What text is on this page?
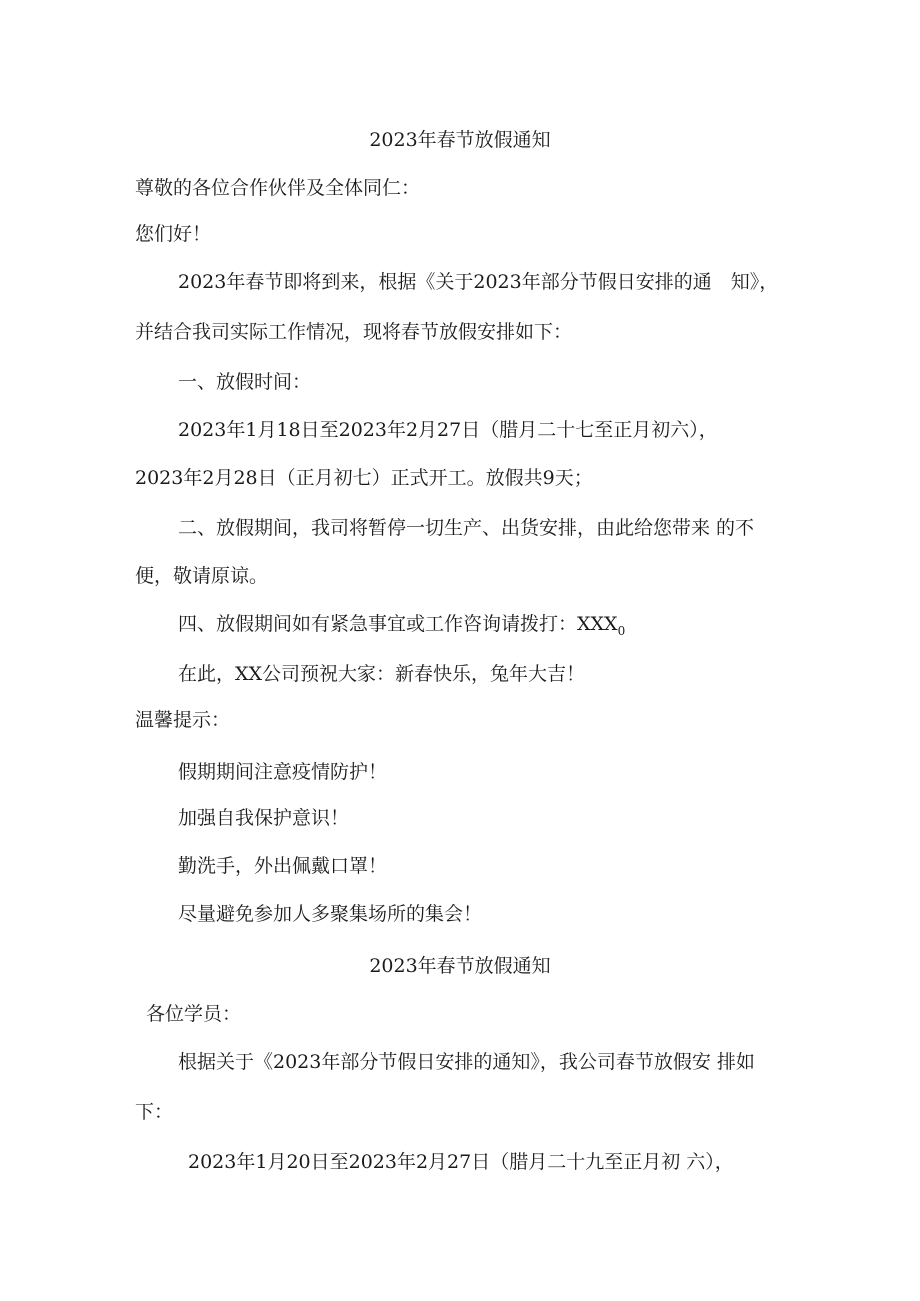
2023年春节放假通知
尊敬的各位合作伙伴及全体同仁：
您们好！
2023年春节即将到来，根据《关于2023年部分节假日安排的通　知》，
并结合我司实际工作情况，现将春节放假安排如下：
一、放假时间：
2023年1月18日至2023年2月27日（腊月二十七至正月初六），
2023年2月28日（正月初七）正式开工。放假共9天；
二、放假期间，我司将暂停一切生产、出货安排，由此给您带来 的不
便，敬请原谅。
四、放假期间如有紧急事宜或工作咨询请拨打：$XXX_0$
在此，XX公司预祝大家：新春快乐，兔年大吉！
温馨提示：
假期期间注意疫情防护！
加强自我保护意识！
勤洗手，外出佩戴口罩！
尽量避免参加人多聚集场所的集会！
2023年春节放假通知
各位学员：
根据关于《2023年部分节假日安排的通知》，我公司春节放假安 排如
下：
2023年1月20日至2023年2月27日（腊月二十九至正月初 六），
